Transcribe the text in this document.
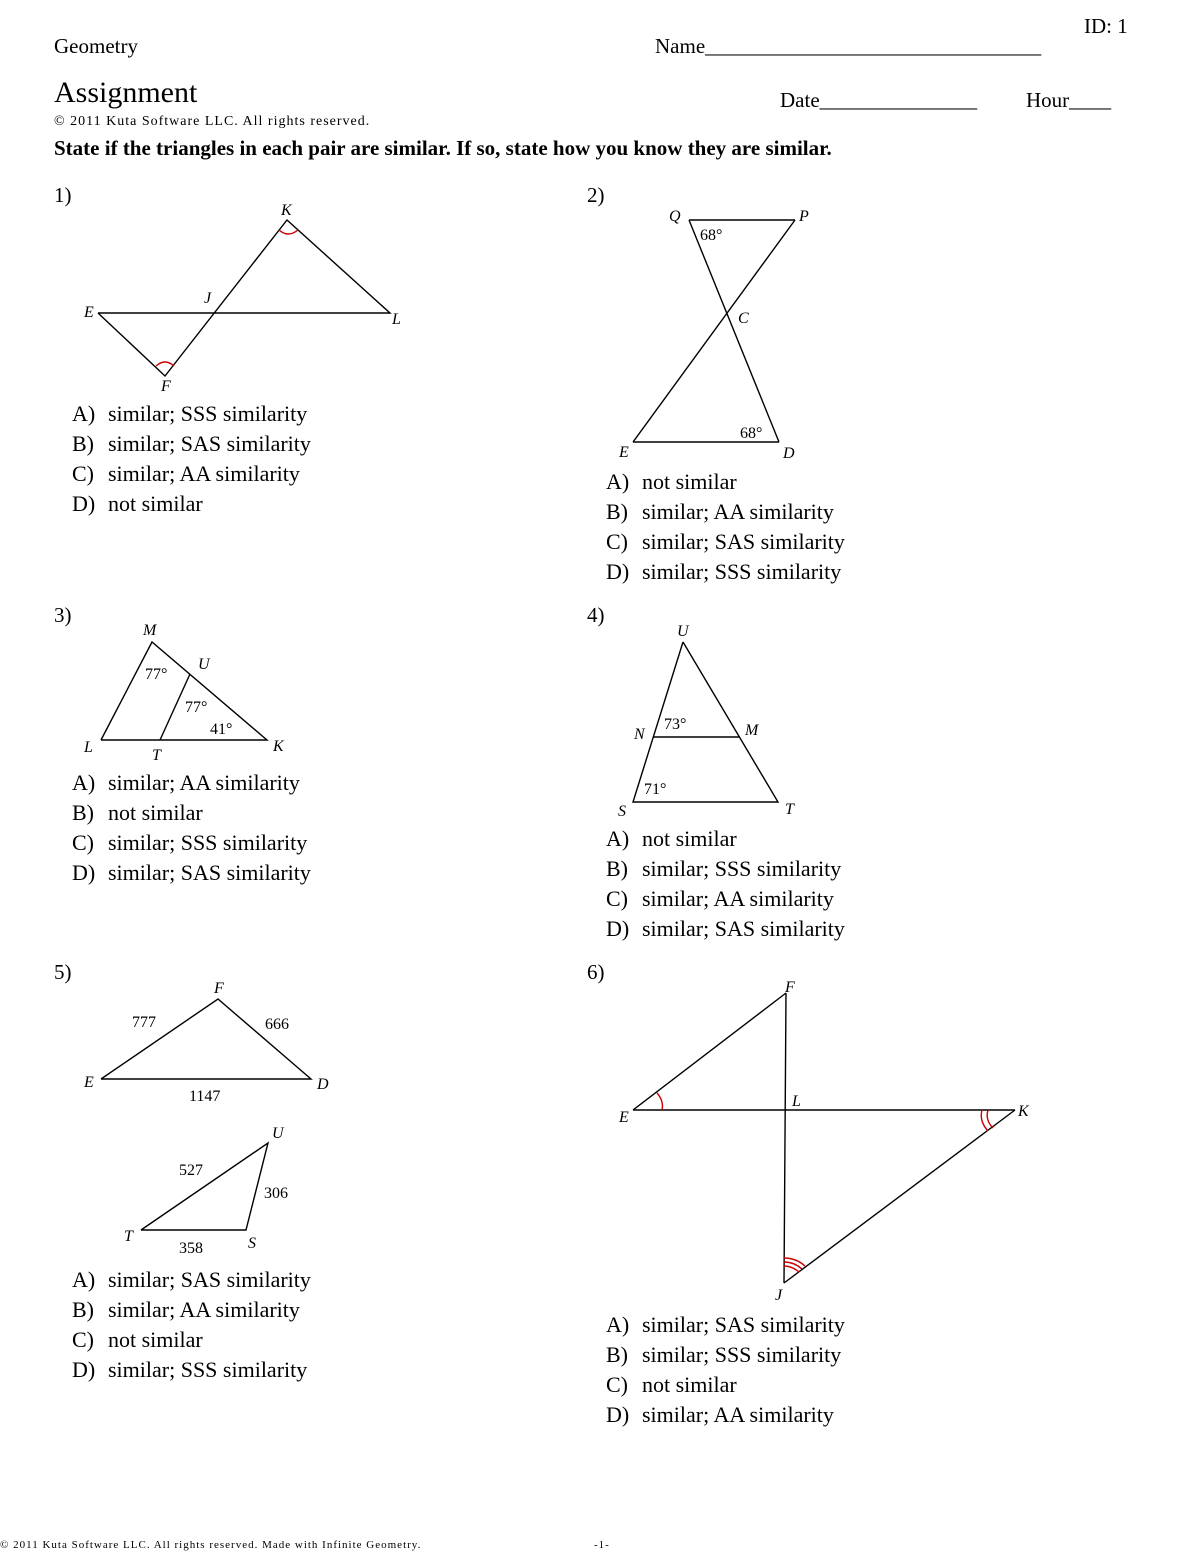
Geometry	Name________________________________
ID: 1
Assignment	Date_______________ Hour____
© 2011 Kuta Software LLC. All rights reserved.
State if the triangles in each pair are similar. If so, state how you know they are similar.
1)	2)
3)	4)
5)	6)
A) similar; SSS similarity
B) similar; SAS similarity
C) similar; AA similarity
D) not similar
A) not similar
B) similar; AA similarity
C) similar; SAS similarity
D) similar; SSS similarity
A) similar; AA similarity
B) not similar
C) similar; SSS similarity
D) similar; SAS similarity
A) not similar
B) similar; SSS similarity
C) similar; AA similarity
D) similar; SAS similarity
A) similar; SAS similarity
B) similar; AA similarity
C) not similar
D) similar; SSS similarity
A) similar; SAS similarity
B) similar; SSS similarity
C) not similar
D) similar; AA similarity
K
J
E	L
F
Q	P
68°
C
68°
E	D
M
U
77°
77°
41°
L	T
K
U
N
73°	M
71°
S	T
F
777	666
E	D
1147
U
527
306
T	S
358
F
E
L
K
J
© 2011 Kuta Software LLC. All rights reserved. Made with Infinite Geometry.	-1-
